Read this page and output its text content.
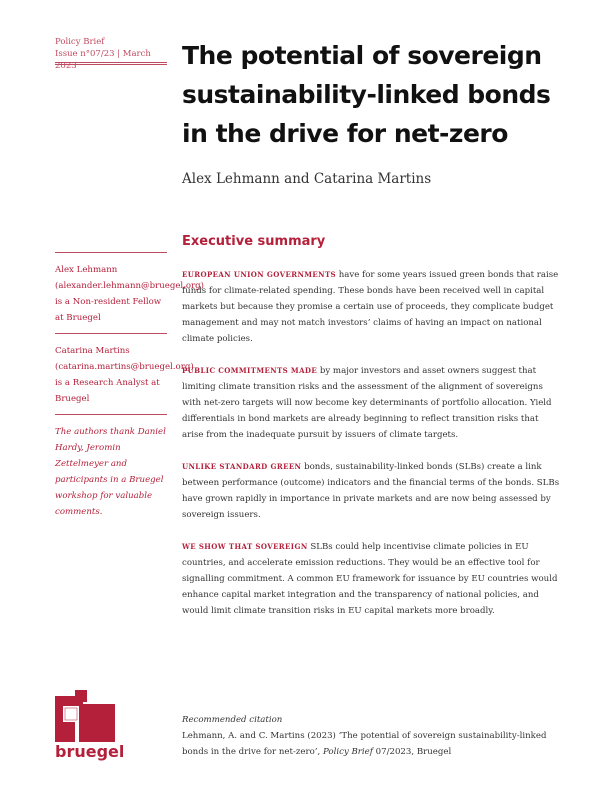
Policy Brief
Issue n°07/23 | March 2023	The potential of sovereign sustainability-linked bonds in the drive for net-zero
Alex Lehmann and Catarina Martins
Executive summary
Alex Lehmann (alexander.lehmann@bruegel.org) is a Non-resident Fellow at Bruegel
Catarina Martins (catarina.martins@bruegel.org) is a Research Analyst at Bruegel
The authors thank Daniel Hardy, Jeromin Zettelmeyer and participants in a Bruegel workshop for valuable comments.

EUROPEAN UNION GOVERNMENTS have for some years issued green bonds that raise funds for climate-related spending. These bonds have been received well in capital markets but because they promise a certain use of proceeds, they complicate budget management and may not match investors’ claims of having an impact on national climate policies.

PUBLIC COMMITMENTS MADE by major investors and asset owners suggest that limiting climate transition risks and the assessment of the alignment of sovereigns with net-zero targets will now become key determinants of portfolio allocation. Yield differentials in bond markets are already beginning to reflect transition risks that arise from the inadequate pursuit by issuers of climate targets.

UNLIKE STANDARD GREEN bonds, sustainability-linked bonds (SLBs) create a link between performance (outcome) indicators and the financial terms of the bonds. SLBs have grown rapidly in importance in private markets and are now being assessed by sovereign issuers.

WE SHOW THAT SOVEREIGN SLBs could help incentivise climate policies in EU countries, and accelerate emission reductions. They would be an effective tool for signalling commitment. A common EU framework for issuance by EU countries would enhance capital market integration and the transparency of national policies, and would limit climate transition risks in EU capital markets more broadly.

bruegel
Recommended citation
Lehmann, A. and C. Martins (2023) ‘The potential of sovereign sustainability-linked bonds in the drive for net-zero’, Policy Brief 07/2023, Bruegel
